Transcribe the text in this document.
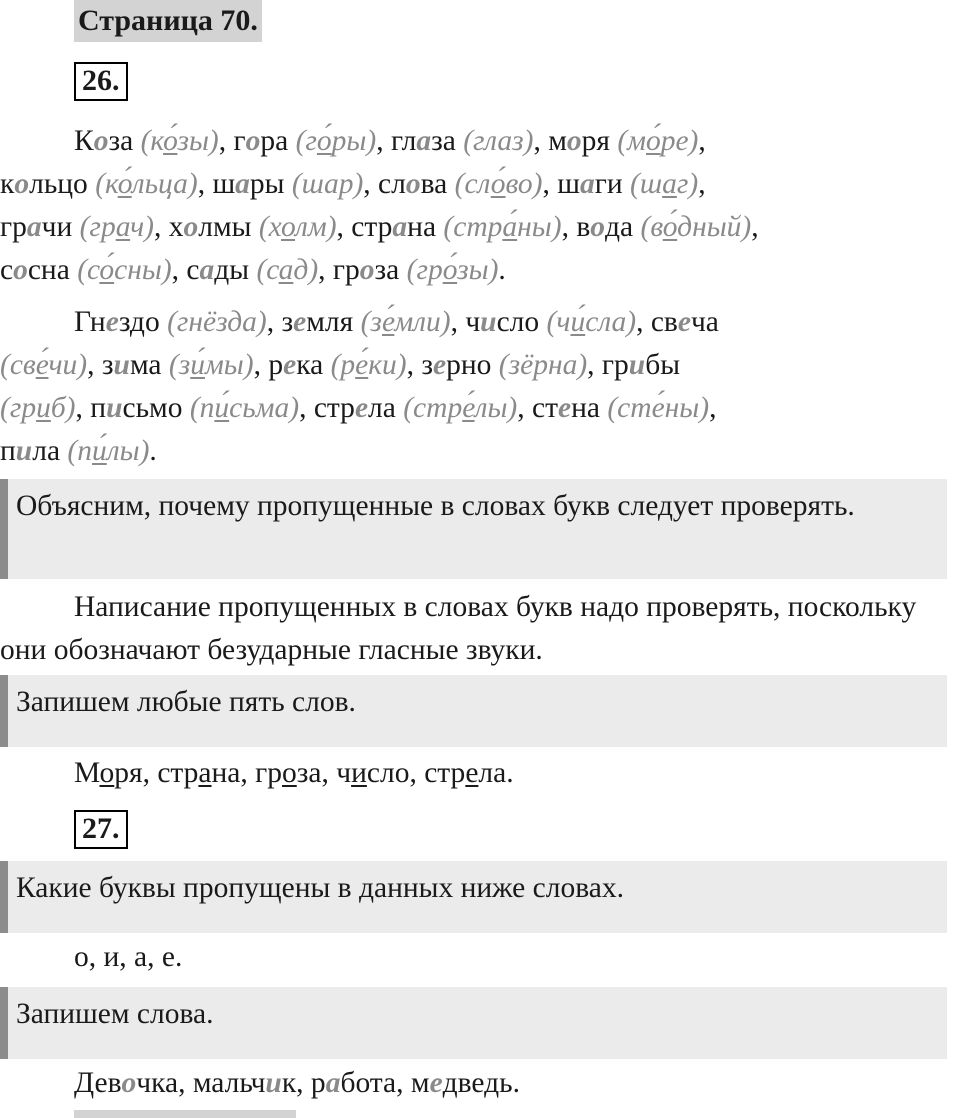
Страница 70.
26.
Коза (ко́зы), гора (го́ры), глаза (глаз), моря (мо́ре),
кольцо (ко́льца), шары (шар), слова (сло́во), шаги (шаг),
грачи (грач), холмы (холм), страна (стра́ны), вода (во́дный),
сосна (со́сны), сады (сад), гроза (гро́зы).
Гнездо (гнёзда), земля (зе́мли), число (чи́сла), свеча
(све́чи), зима (зи́мы), река (ре́ки), зерно (зёрна), грибы
(гриб), письмо (пи́сьма), стрела (стре́лы), стена (сте́ны),
пила (пи́лы).
Объясним, почему пропущенные в словах букв следует проверять.
Написание пропущенных в словах букв надо проверять, поскольку они обозначают безударные гласные звуки.
Запишем любые пять слов.
Моря, страна, гроза, число, стрела.
27.
Какие буквы пропущены в данных ниже словах.
о, и, а, е.
Запишем слова.
Девочка, мальчик, работа, медведь.
